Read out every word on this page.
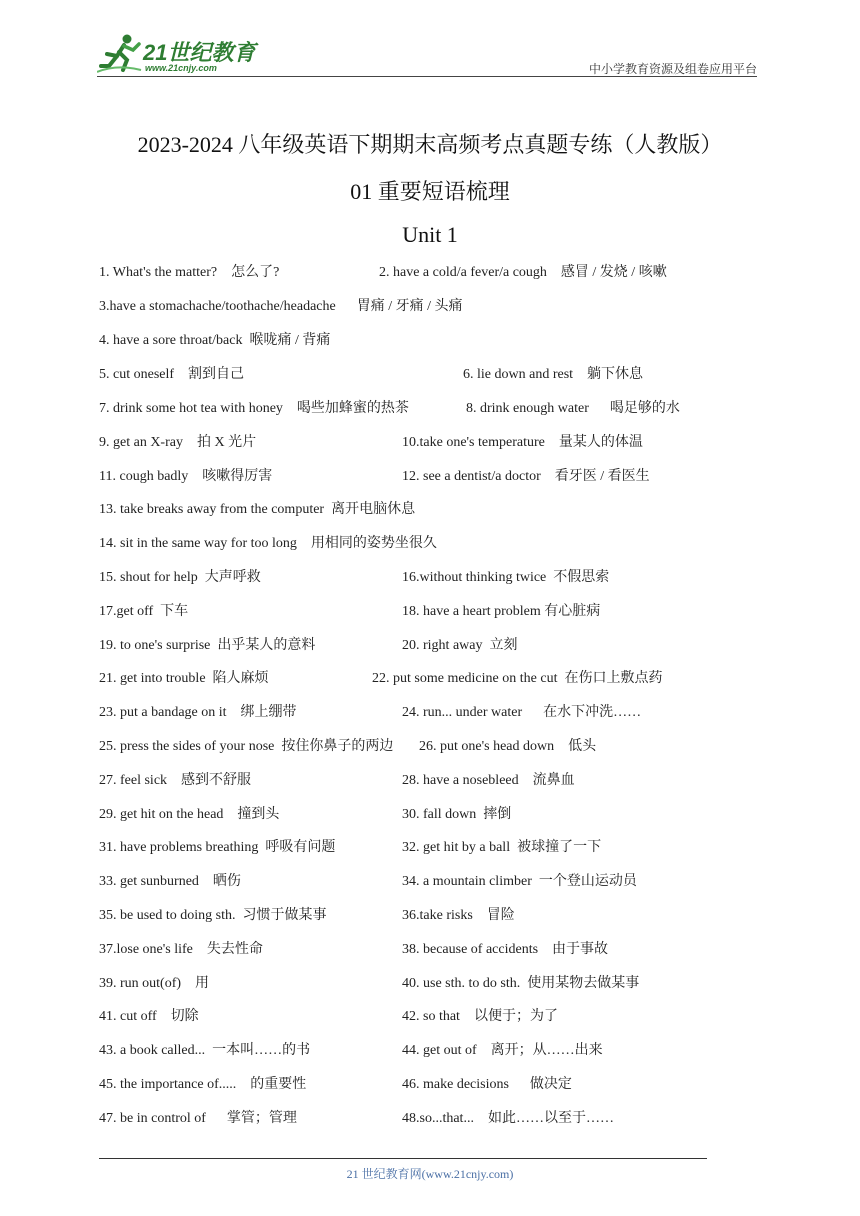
21世纪教育
www.21cnjy.com	中小学教育资源及组卷应用平台
2023-2024 八年级英语下期期末高频考点真题专练（人教版）
01 重要短语梳理
Unit 1
1. What's the matter?    怎么了?	2. have a cold/a fever/a cough    感冒 / 发烧 / 咳嗽
3.have a stomachache/toothache/headache      胃痛 / 牙痛 / 头痛
4. have a sore throat/back  喉咙痛 / 背痛
5. cut oneself    割到自己	6. lie down and rest    躺下休息
7. drink some hot tea with honey    喝些加蜂蜜的热茶	8. drink enough water      喝足够的水
9. get an X-ray    拍 X 光片	10.take one's temperature    量某人的体温
11. cough badly    咳嗽得厉害	12. see a dentist/a doctor    看牙医 / 看医生
13. take breaks away from the computer  离开电脑休息
14. sit in the same way for too long    用相同的姿势坐很久
15. shout for help  大声呼救	16.without thinking twice  不假思索
17.get off  下车	18. have a heart problem 有心脏病
19. to one's surprise  出乎某人的意料	20. right away  立刻
21. get into trouble  陷人麻烦	22. put some medicine on the cut  在伤口上敷点药
23. put a bandage on it    绑上绷带	24. run... under water      在水下冲洗……
25. press the sides of your nose  按住你鼻子的两边 26. put one's head down    低头
27. feel sick    感到不舒服	28. have a nosebleed    流鼻血
29. get hit on the head    撞到头	30. fall down  摔倒
31. have problems breathing  呼吸有问题	32. get hit by a ball  被球撞了一下
33. get sunburned    晒伤	34. a mountain climber  一个登山运动员
35. be used to doing sth.  习惯于做某事	36.take risks    冒险
37.lose one's life    失去性命	38. because of accidents    由于事故
39. run out(of)    用	40. use sth. to do sth.  使用某物去做某事
41. cut off    切除	42. so that    以便于；为了
43. a book called...  一本叫……的书	44. get out of    离开；从……出来
45. the importance of.....    的重要性	46. make decisions      做决定
47. be in control of      掌管；管理	48.so...that...    如此……以至于……
21 世纪教育网(www.21cnjy.com)
